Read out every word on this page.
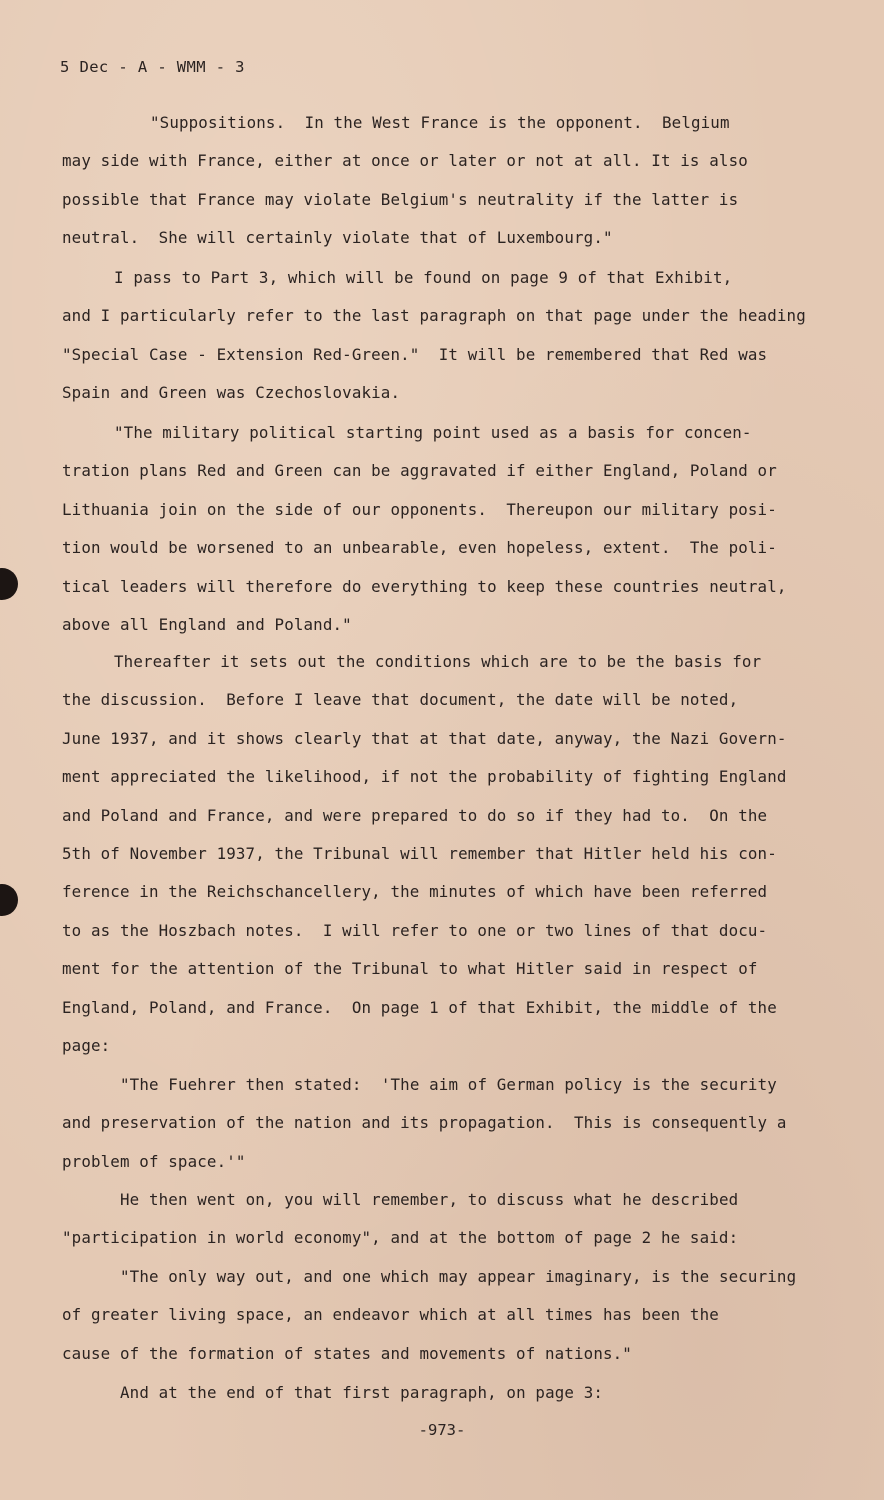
5 Dec - A - WMM - 3
"Suppositions.  In the West France is the opponent.  Belgium
may side with France, either at once or later or not at all. It is also
possible that France may violate Belgium's neutrality if the latter is
neutral.  She will certainly violate that of Luxembourg."
I pass to Part 3, which will be found on page 9 of that Exhibit,
and I particularly refer to the last paragraph on that page under the heading
"Special Case - Extension Red-Green."  It will be remembered that Red was
Spain and Green was Czechoslovakia.
"The military political starting point used as a basis for concen-
tration plans Red and Green can be aggravated if either England, Poland or
Lithuania join on the side of our opponents.  Thereupon our military posi-
tion would be worsened to an unbearable, even hopeless, extent.  The poli-
tical leaders will therefore do everything to keep these countries neutral,
above all England and Poland."
Thereafter it sets out the conditions which are to be the basis for
the discussion.  Before I leave that document, the date will be noted,
June 1937, and it shows clearly that at that date, anyway, the Nazi Govern-
ment appreciated the likelihood, if not the probability of fighting England
and Poland and France, and were prepared to do so if they had to.  On the
5th of November 1937, the Tribunal will remember that Hitler held his con-
ference in the Reichschancellery, the minutes of which have been referred
to as the Hoszbach notes.  I will refer to one or two lines of that docu-
ment for the attention of the Tribunal to what Hitler said in respect of
England, Poland, and France.  On page 1 of that Exhibit, the middle of the
page:
"The Fuehrer then stated:  'The aim of German policy is the security
and preservation of the nation and its propagation.  This is consequently a
problem of space.'"
He then went on, you will remember, to discuss what he described
"participation in world economy", and at the bottom of page 2 he said:
"The only way out, and one which may appear imaginary, is the securing
of greater living space, an endeavor which at all times has been the
cause of the formation of states and movements of nations."
And at the end of that first paragraph, on page 3:
-973-
